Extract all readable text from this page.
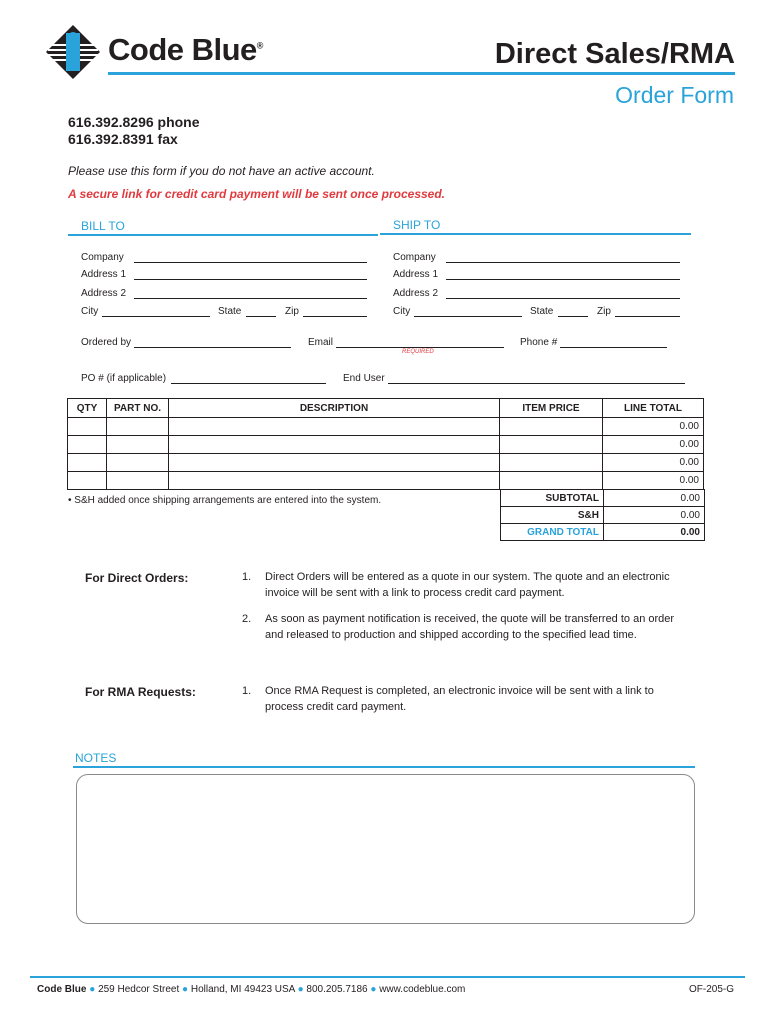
Code Blue®	Direct Sales/RMA
Order Form
616.392.8296 phone
616.392.8391 fax
Please use this form if you do not have an active account.
A secure link for credit card payment will be sent once processed.
BILL TO
Company
Address 1
Address 2
City	State	Zip
SHIP TO
Company
Address 1
Address 2
City	State	Zip
Ordered by	Email
REQUIRED
Phone #
PO # (if applicable)	End User
QTY	PART NO.	DESCRIPTION	ITEM PRICE	LINE TOTAL
				0.00
				0.00
				0.00
				0.00
• S&H added once shipping arrangements are entered into the system.	SUBTOTAL	0.00
S&H	0.00
GRAND TOTAL	0.00
For Direct Orders:	1. Direct Orders will be entered as a quote in our system. The quote and an electronic
invoice will be sent with a link to process credit card payment.
2. As soon as payment notification is received, the quote will be transferred to an order
and released to production and shipped according to the specified lead time.
For RMA Requests:	1. Once RMA Request is completed, an electronic invoice will be sent with a link to
process credit card payment.
NOTES
Code Blue ● 259 Hedcor Street ● Holland, MI 49423 USA ● 800.205.7186 ● www.codeblue.com	OF-205-G
